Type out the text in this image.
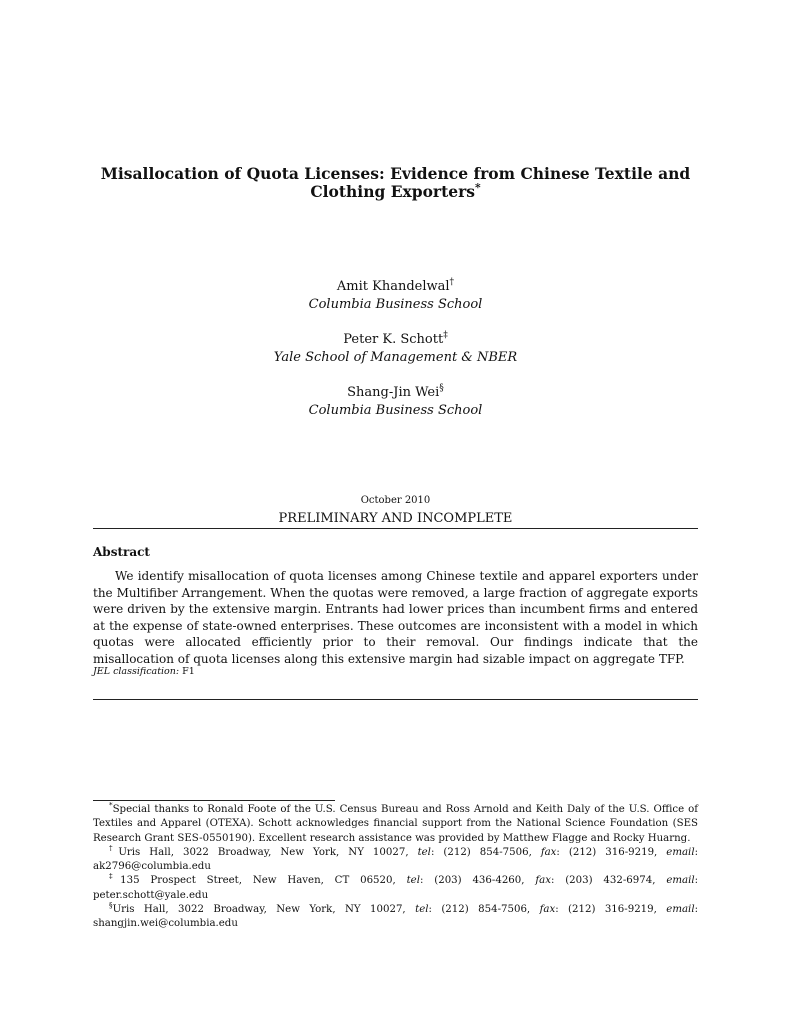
Misallocation of Quota Licenses: Evidence from Chinese Textile and Clothing Exporters*
Amit Khandelwal†
Columbia Business School
Peter K. Schott‡
Yale School of Management & NBER
Shang-Jin Wei§
Columbia Business School
October 2010
PRELIMINARY AND INCOMPLETE
Abstract

We identify misallocation of quota licenses among Chinese textile and apparel exporters under the Multifiber Arrangement. When the quotas were removed, a large fraction of aggregate exports were driven by the extensive margin. Entrants had lower prices than incumbent firms and entered at the expense of state-owned enterprises. These outcomes are inconsistent with a model in which quotas were allocated efficiently prior to their removal. Our findings indicate that the misallocation of quota licenses along this extensive margin had sizable impact on aggregate TFP.

JEL classification: F1

*Special thanks to Ronald Foote of the U.S. Census Bureau and Ross Arnold and Keith Daly of the U.S. Office of Textiles and Apparel (OTEXA). Schott acknowledges financial support from the National Science Foundation (SES Research Grant SES-0550190). Excellent research assistance was provided by Matthew Flagge and Rocky Huarng.

†Uris Hall, 3022 Broadway, New York, NY 10027, tel: (212) 854-7506, fax: (212) 316-9219, email: ak2796@columbia.edu

‡135 Prospect Street, New Haven, CT 06520, tel: (203) 436-4260, fax: (203) 432-6974, email: peter.schott@yale.edu

§Uris Hall, 3022 Broadway, New York, NY 10027, tel: (212) 854-7506, fax: (212) 316-9219, email: shangjin.wei@columbia.edu
